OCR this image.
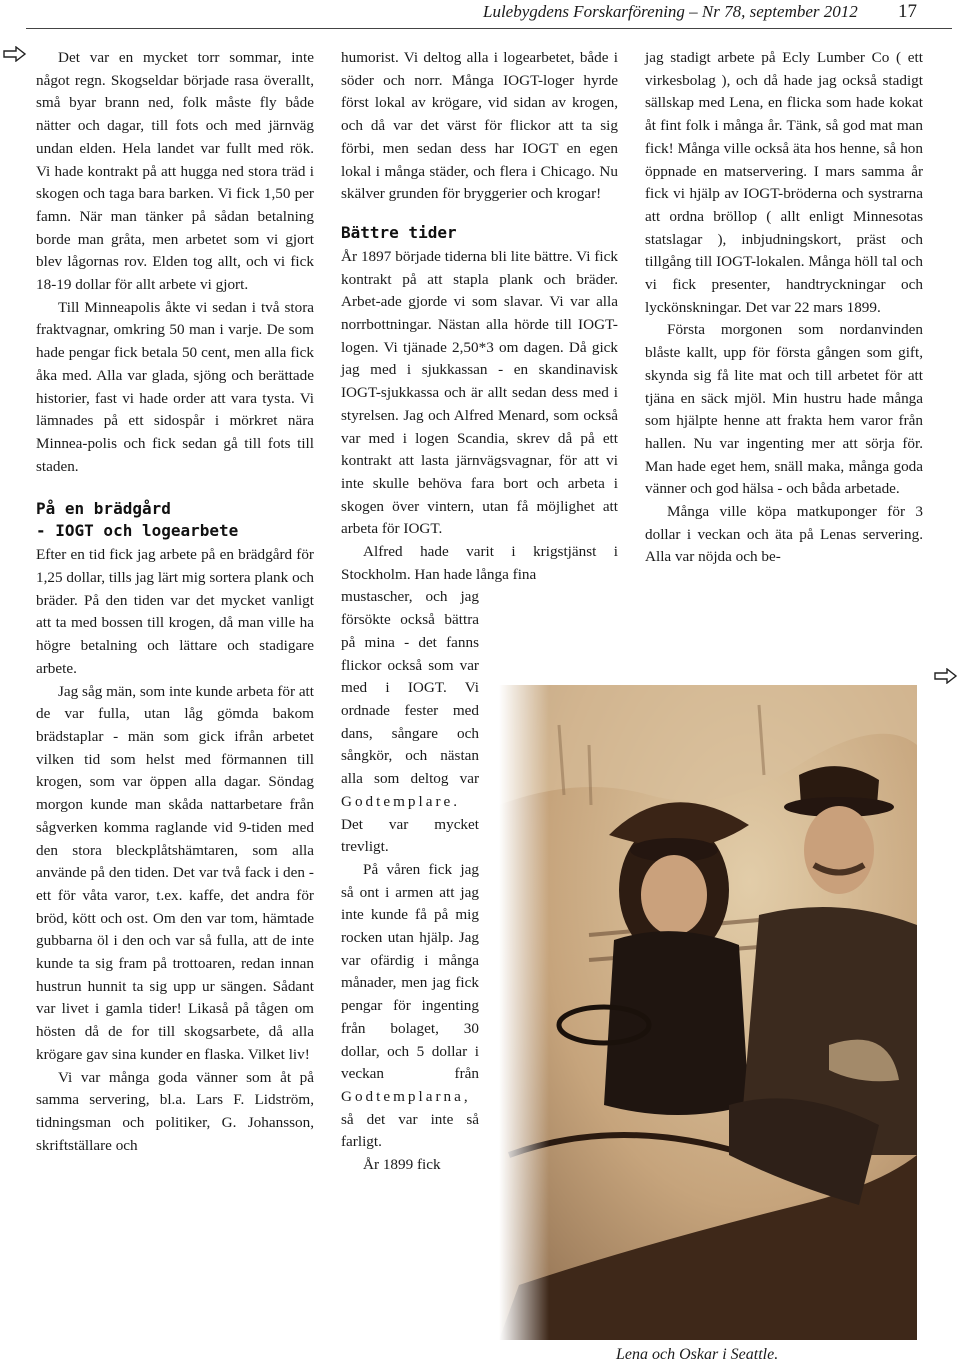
Lulebygdens Forskarförening – Nr 78, september 2012 17

Det var en mycket torr sommar, inte något regn. Skogseldar började rasa överallt, små byar brann ned, folk måste fly både nätter och dagar, till fots och med järnväg undan elden. Hela landet var fullt med rök. Vi hade kontrakt på att hugga ned stora träd i skogen och taga bara barken. Vi fick 1,50 per famn. När man tänker på sådan betalning borde man gråta, men arbetet som vi gjort blev lågornas rov. Elden tog allt, och vi fick 18-19 dollar för allt arbete vi gjort.

Till Minneapolis åkte vi sedan i två stora fraktvagnar, omkring 50 man i varje. De som hade pengar fick betala 50 cent, men alla fick åka med. Alla var glada, sjöng och berättade historier, fast vi hade order att vara tysta. Vi lämnades på ett sidospår i mörkret nära Minnea-polis och fick sedan gå till fots till staden.

På en brädgård
- IOGT och logearbete

Efter en tid fick jag arbete på en brädgård för 1,25 dollar, tills jag lärt mig sortera plank och bräder. På den tiden var det mycket vanligt att ta med bossen till krogen, då man ville ha högre betalning och lättare och stadigare arbete.

Jag såg män, som inte kunde arbeta för att de var fulla, utan låg gömda bakom brädstaplar - män som gick ifrån arbetet vilken tid som helst med förmannen till krogen, som var öppen alla dagar. Söndag morgon kunde man skåda nattarbetare från sågverken komma raglande vid 9-tiden med den stora bleckplåtshämtaren, som alla använde på den tiden. Det var två fack i den - ett för våta varor, t.ex. kaffe, det andra för bröd, kött och ost. Om den var tom, hämtade gubbarna öl i den och var så fulla, att de inte kunde ta sig fram på trottoaren, redan innan hustrun hunnit ta sig upp ur sängen. Sådant var livet i gamla tider! Likaså på tågen om hösten då de for till skogsarbete, då alla krögare gav sina kunder en flaska. Vilket liv!

Vi var många goda vänner som åt på samma servering, bl.a. Lars F. Lidström, tidningsman och politiker, G. Johansson, skriftställare och

humorist. Vi deltog alla i logearbetet, både i söder och norr. Många IOGT-loger hyrde först lokal av krögare, vid sidan av krogen, och då var det värst för flickor att ta sig förbi, men sedan dess har IOGT en egen lokal i många städer, och flera i Chicago. Nu skälver grunden för bryggerier och krogar!

Bättre tider

År 1897 började tiderna bli lite bättre. Vi fick kontrakt på att stapla plank och bräder. Arbet-ade gjorde vi som slavar. Vi var alla norrbottningar. Nästan alla hörde till IOGT-logen. Vi tjänade 2,50*3 om dagen. Då gick jag med i sjukkassan - en skandinavisk IOGT-sjukkassa och är allt sedan dess med i styrelsen. Jag och Alfred Menard, som också var med i logen Scandia, skrev då på ett kontrakt att lasta järnvägsvagnar, för att vi inte skulle behöva fara bort och arbeta i skogen över vintern, utan få möjlighet att arbeta för IOGT.

Alfred hade varit i krigstjänst i Stockholm. Han hade långa fina

mustascher, och jag försökte också bättra på mina - det fanns flickor också som var med i IOGT. Vi ordnade fester med dans, sångare och sångkör, och nästan alla som deltog var Godtemplare. Det var mycket trevligt.

På våren fick jag så ont i armen att jag inte kunde få på mig rocken utan hjälp. Jag var ofärdig i många månader, men jag fick pengar för ingenting från bolaget, 30 dollar, och 5 dollar i veckan från Godtemplarna, så det var inte så farligt.

År 1899 fick

jag stadigt arbete på Ecly Lumber Co ( ett virkesbolag ), och då hade jag också stadigt sällskap med Lena, en flicka som hade kokat åt fint folk i många år. Tänk, så god mat man fick! Många ville också äta hos henne, så hon öppnade en matservering. I mars samma år fick vi hjälp av IOGT-bröderna och systrarna att ordna bröllop ( allt enligt Minnesotas statslagar ), inbjudningskort, präst och tillgång till IOGT-lokalen. Många höll tal och vi fick presenter, handtryckningar och lyckönskningar. Det var 22 mars 1899.

Första morgonen som nordanvinden blåste kallt, upp för första gången som gift, skynda sig få lite mat och till arbetet för att tjäna en säck mjöl. Min hustru hade många som hjälpte henne att frakta hem varor från hallen. Nu var ingenting mer att sörja för. Man hade eget hem, snäll maka, många goda vänner och god hälsa - och båda arbetade.

Många ville köpa matkuponger för 3 dollar i veckan och äta på Lenas servering. Alla var nöjda och be-

Lena och Oskar i Seattle.
